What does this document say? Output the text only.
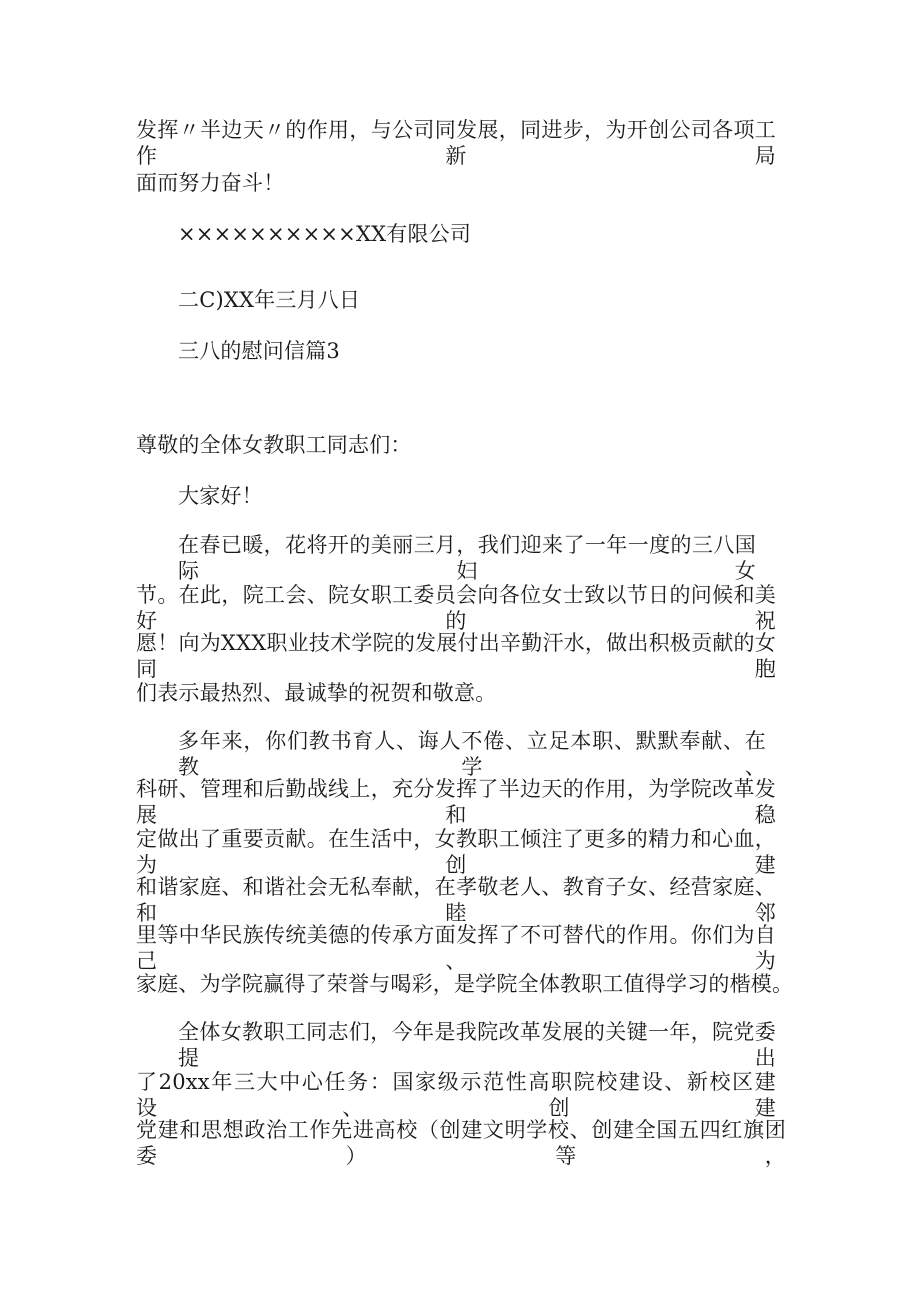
发挥〃半边天〃的作用，与公司同发展，同进步，为开创公司各项工作新局
面而努力奋斗！
××××××××××XX有限公司
二C)XX年三月八日
三八的慰问信篇3
尊敬的全体女教职工同志们：
大家好！
在春已暖，花将开的美丽三月，我们迎来了一年一度的三八国际妇女
节。在此，院工会、院女职工委员会向各位女士致以节日的问候和美好的祝
愿！向为XXX职业技术学院的发展付出辛勤汗水，做出积极贡献的女同胞
们表示最热烈、最诚挚的祝贺和敬意。
多年来，你们教书育人、诲人不倦、立足本职、默默奉献、在教学、
科研、管理和后勤战线上，充分发挥了半边天的作用，为学院改革发展和稳
定做出了重要贡献。在生活中，女教职工倾注了更多的精力和心血，为创建
和谐家庭、和谐社会无私奉献，在孝敬老人、教育子女、经营家庭、和睦邻
里等中华民族传统美德的传承方面发挥了不可替代的作用。你们为自己、为
家庭、为学院赢得了荣誉与喝彩，是学院全体教职工值得学习的楷模。
全体女教职工同志们，今年是我院改革发展的关键一年，院党委提出
了20xx年三大中心任务：国家级示范性高职院校建设、新校区建设、创建
党建和思想政治工作先进高校（创建文明学校、创建全国五四红旗团委）等，
